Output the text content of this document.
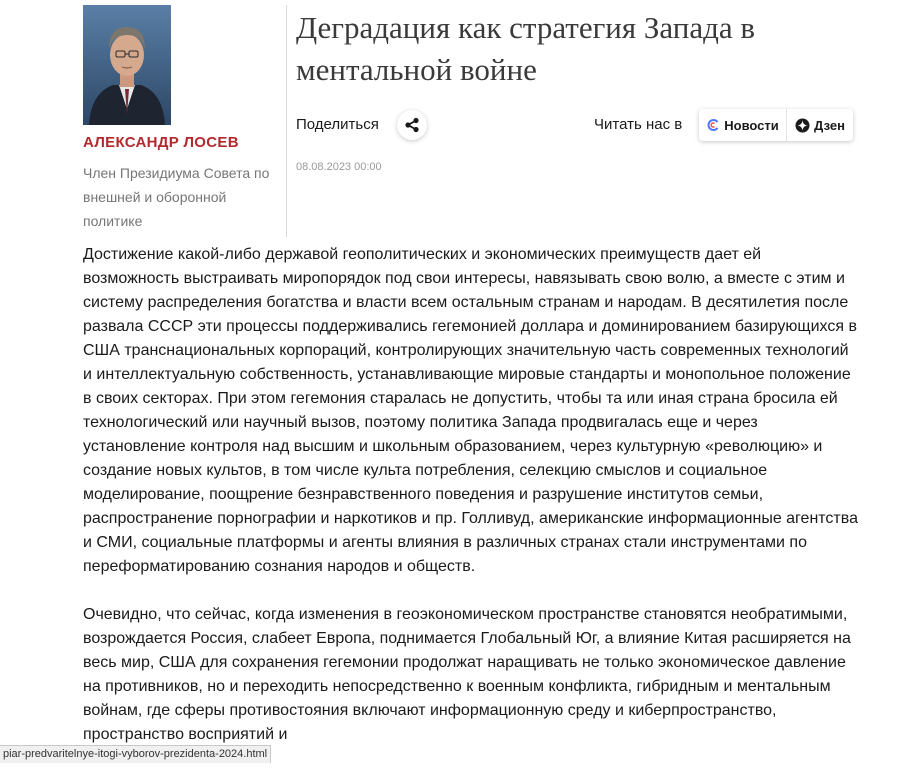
АЛЕКСАНДР ЛОСЕВ
Член Президиума Совета по внешней и оборонной политике
Деградация как стратегия Запада в ментальной войне
Поделиться	Читать нас в	Новости	Дзен
08.08.2023 00:00

Достижение какой-либо державой геополитических и экономических преимуществ дает ей возможность выстраивать миропорядок под свои интересы, навязывать свою волю, а вместе с этим и систему распределения богатства и власти всем остальным странам и народам. В десятилетия после развала СССР эти процессы поддерживались гегемонией доллара и доминированием базирующихся в США транснациональных корпораций, контролирующих значительную часть современных технологий и интеллектуальную собственность, устанавливающие мировые стандарты и монопольное положение в своих секторах. При этом гегемония старалась не допустить, чтобы та или иная страна бросила ей технологический или научный вызов, поэтому политика Запада продвигалась еще и через установление контроля над высшим и школьным образованием, через культурную «революцию» и создание новых культов, в том числе культа потребления, селекцию смыслов и социальное моделирование, поощрение безнравственного поведения и разрушение институтов семьи, распространение порнографии и наркотиков и пр. Голливуд, американские информационные агентства и СМИ, социальные платформы и агенты влияния в различных странах стали инструментами по переформатированию сознания народов и обществ.

Очевидно, что сейчас, когда изменения в геоэкономическом пространстве становятся необратимыми, возрождается Россия, слабеет Европа, поднимается Глобальный Юг, а влияние Китая расширяется на весь мир, США для сохранения гегемонии продолжат наращивать не только экономическое давление на противников, но и переходить непосредственно к военным конфликта, гибридным и ментальным войнам, где сферы противостояния включают информационную среду и киберпространство, пространство восприятий и

piar-predvaritelnye-itogi-vyborov-prezidenta-2024.html
